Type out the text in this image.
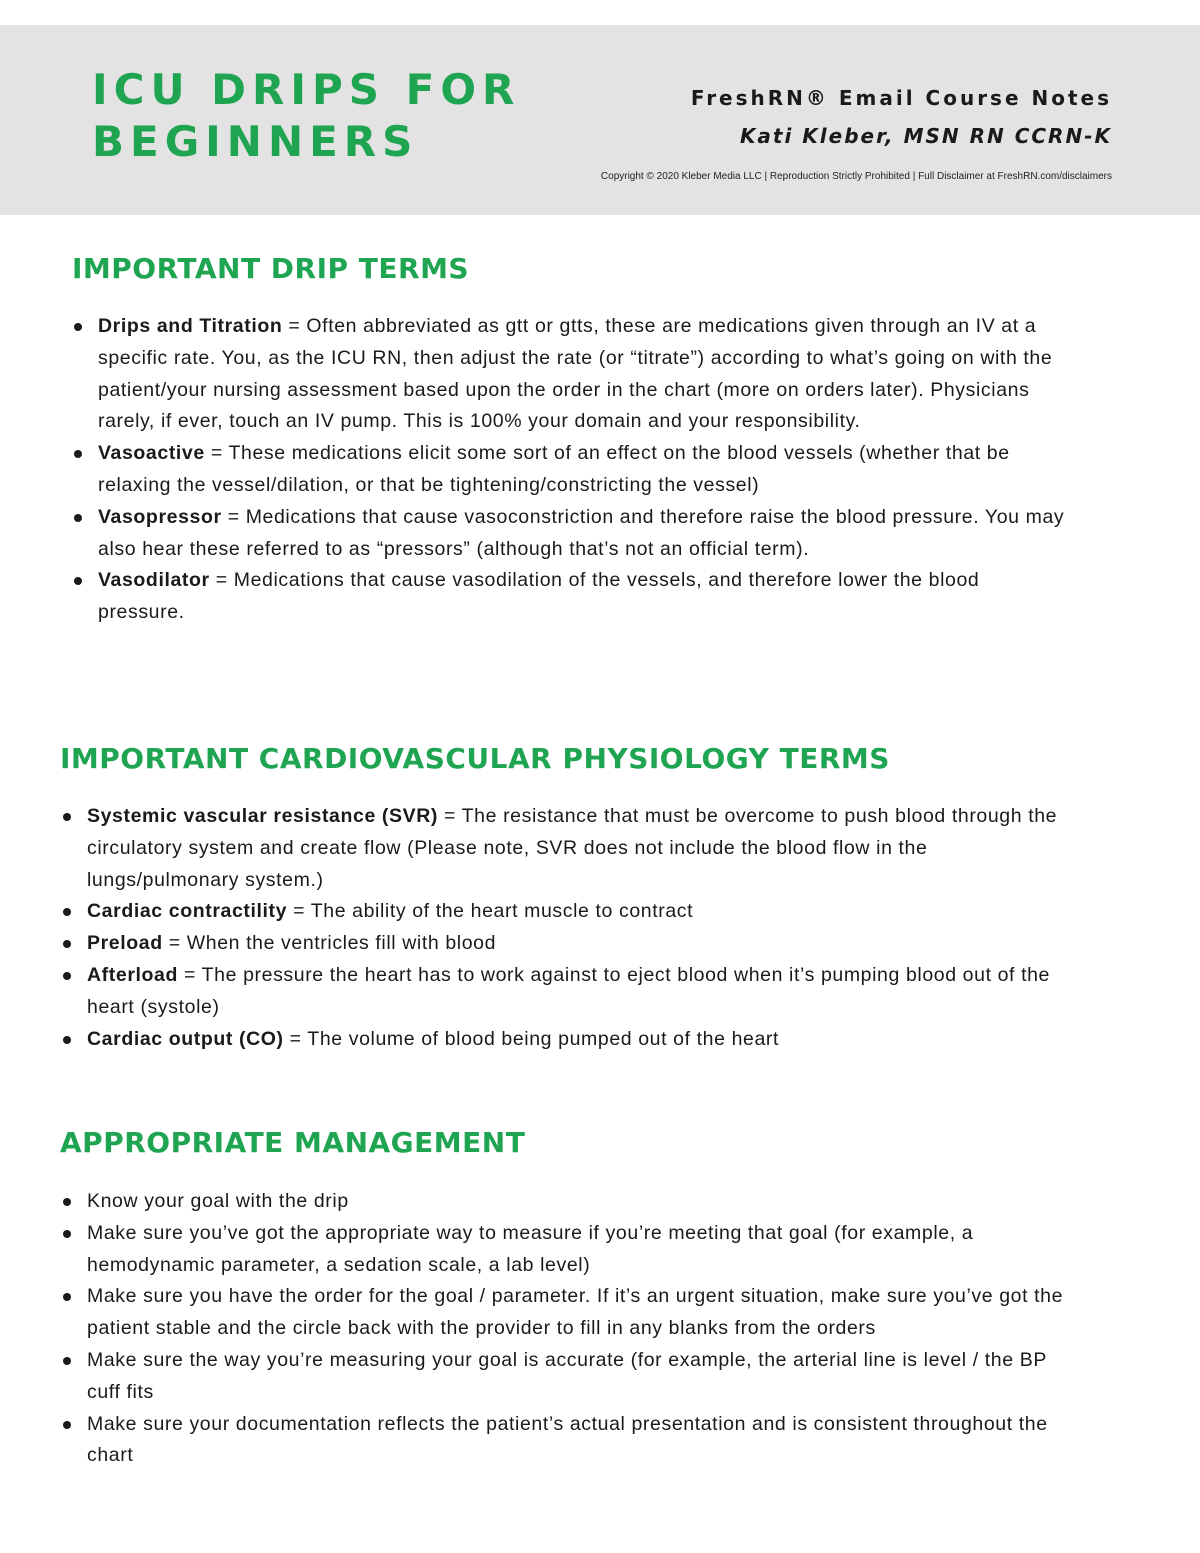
ICU DRIPS FOR
BEGINNERS
FreshRN® Email Course Notes
Kati Kleber, MSN RN CCRN-K
Copyright © 2020 Kleber Media LLC | Reproduction Strictly Prohibited | Full Disclaimer at FreshRN.com/disclaimers
IMPORTANT DRIP TERMS
Drips and Titration = Often abbreviated as gtt or gtts, these are medications given through an IV at a specific rate. You, as the ICU RN, then adjust the rate (or “titrate”) according to what’s going on with the patient/your nursing assessment based upon the order in the chart (more on orders later). Physicians rarely, if ever, touch an IV pump. This is 100% your domain and your responsibility.
Vasoactive = These medications elicit some sort of an effect on the blood vessels (whether that be relaxing the vessel/dilation, or that be tightening/constricting the vessel)
Vasopressor = Medications that cause vasoconstriction and therefore raise the blood pressure. You may also hear these referred to as “pressors” (although that’s not an official term).
Vasodilator = Medications that cause vasodilation of the vessels, and therefore lower the blood pressure.
IMPORTANT CARDIOVASCULAR PHYSIOLOGY TERMS
Systemic vascular resistance (SVR) = The resistance that must be overcome to push blood through the circulatory system and create flow (Please note, SVR does not include the blood flow in the lungs/pulmonary system.)
Cardiac contractility = The ability of the heart muscle to contract
Preload = When the ventricles fill with blood
Afterload = The pressure the heart has to work against to eject blood when it’s pumping blood out of the heart (systole)
Cardiac output (CO) = The volume of blood being pumped out of the heart
APPROPRIATE MANAGEMENT
Know your goal with the drip
Make sure you’ve got the appropriate way to measure if you’re meeting that goal (for example, a hemodynamic parameter, a sedation scale, a lab level)
Make sure you have the order for the goal / parameter. If it’s an urgent situation, make sure you’ve got the patient stable and the circle back with the provider to fill in any blanks from the orders
Make sure the way you’re measuring your goal is accurate (for example, the arterial line is level / the BP cuff fits
Make sure your documentation reflects the patient’s actual presentation and is consistent throughout the chart
